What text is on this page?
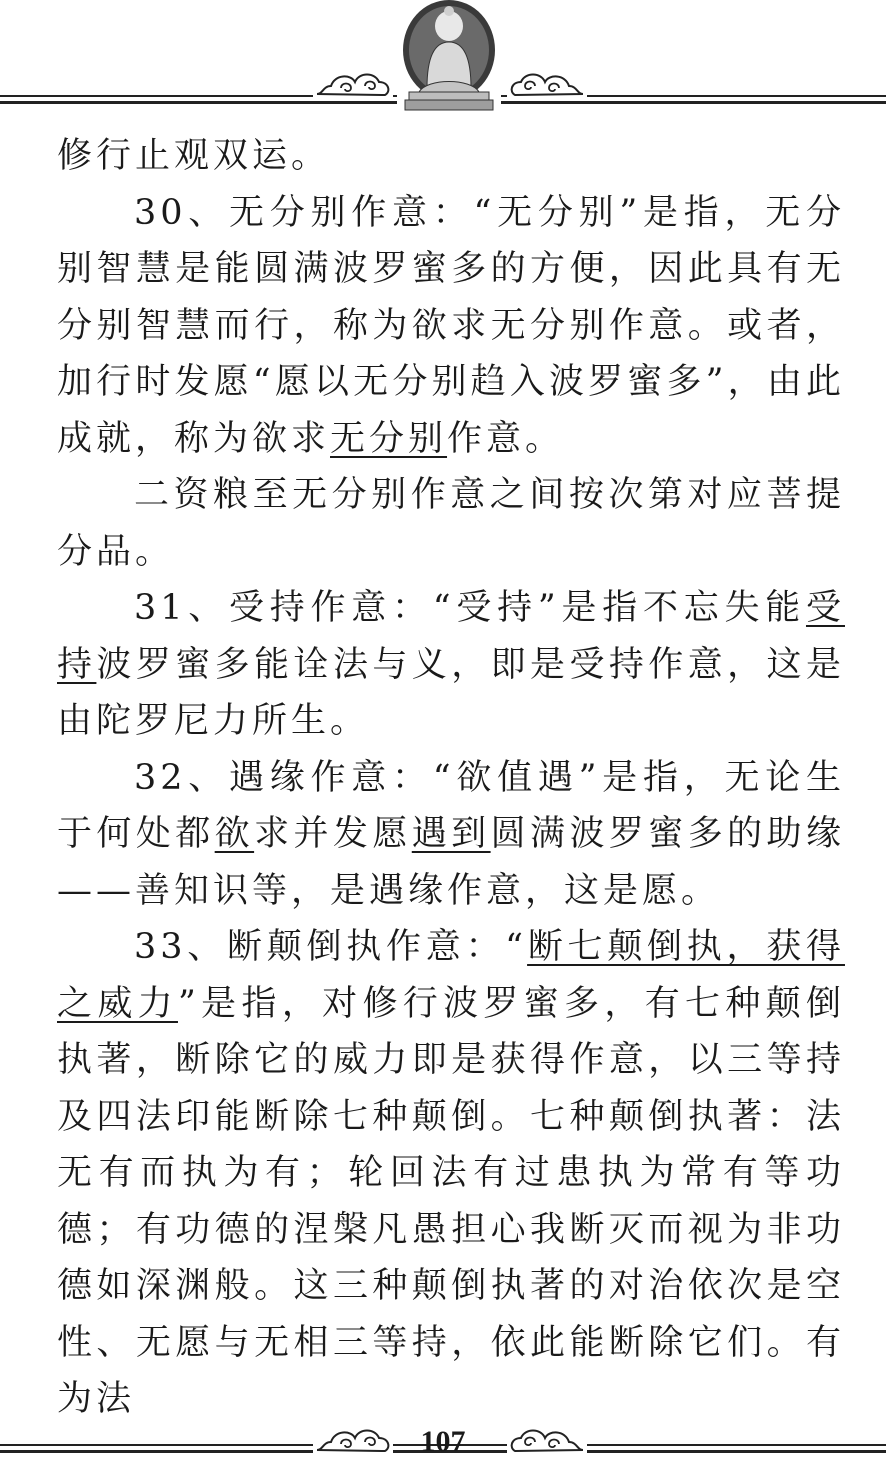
修行止观双运。

30、无分别作意：“无分别”是指，无分别智慧是能圆满波罗蜜多的方便，因此具有无分别智慧而行，称为欲求无分别作意。或者，加行时发愿“愿以无分别趋入波罗蜜多”，由此成就，称为欲求无分别作意。

二资粮至无分别作意之间按次第对应菩提分品。

31、受持作意：“受持”是指不忘失能受持波罗蜜多能诠法与义，即是受持作意，这是由陀罗尼力所生。

32、遇缘作意：“欲值遇”是指，无论生于何处都欲求并发愿遇到圆满波罗蜜多的助缘——善知识等，是遇缘作意，这是愿。

33、断颠倒执作意：“断七颠倒执，获得之威力”是指，对修行波罗蜜多，有七种颠倒执著，断除它的威力即是获得作意，以三等持及四法印能断除七种颠倒。七种颠倒执著：法无有而执为有；轮回法有过患执为常有等功德；有功德的涅槃凡愚担心我断灭而视为非功德如深渊般。这三种颠倒执著的对治依次是空性、无愿与无相三等持，依此能断除它们。有为法

107
